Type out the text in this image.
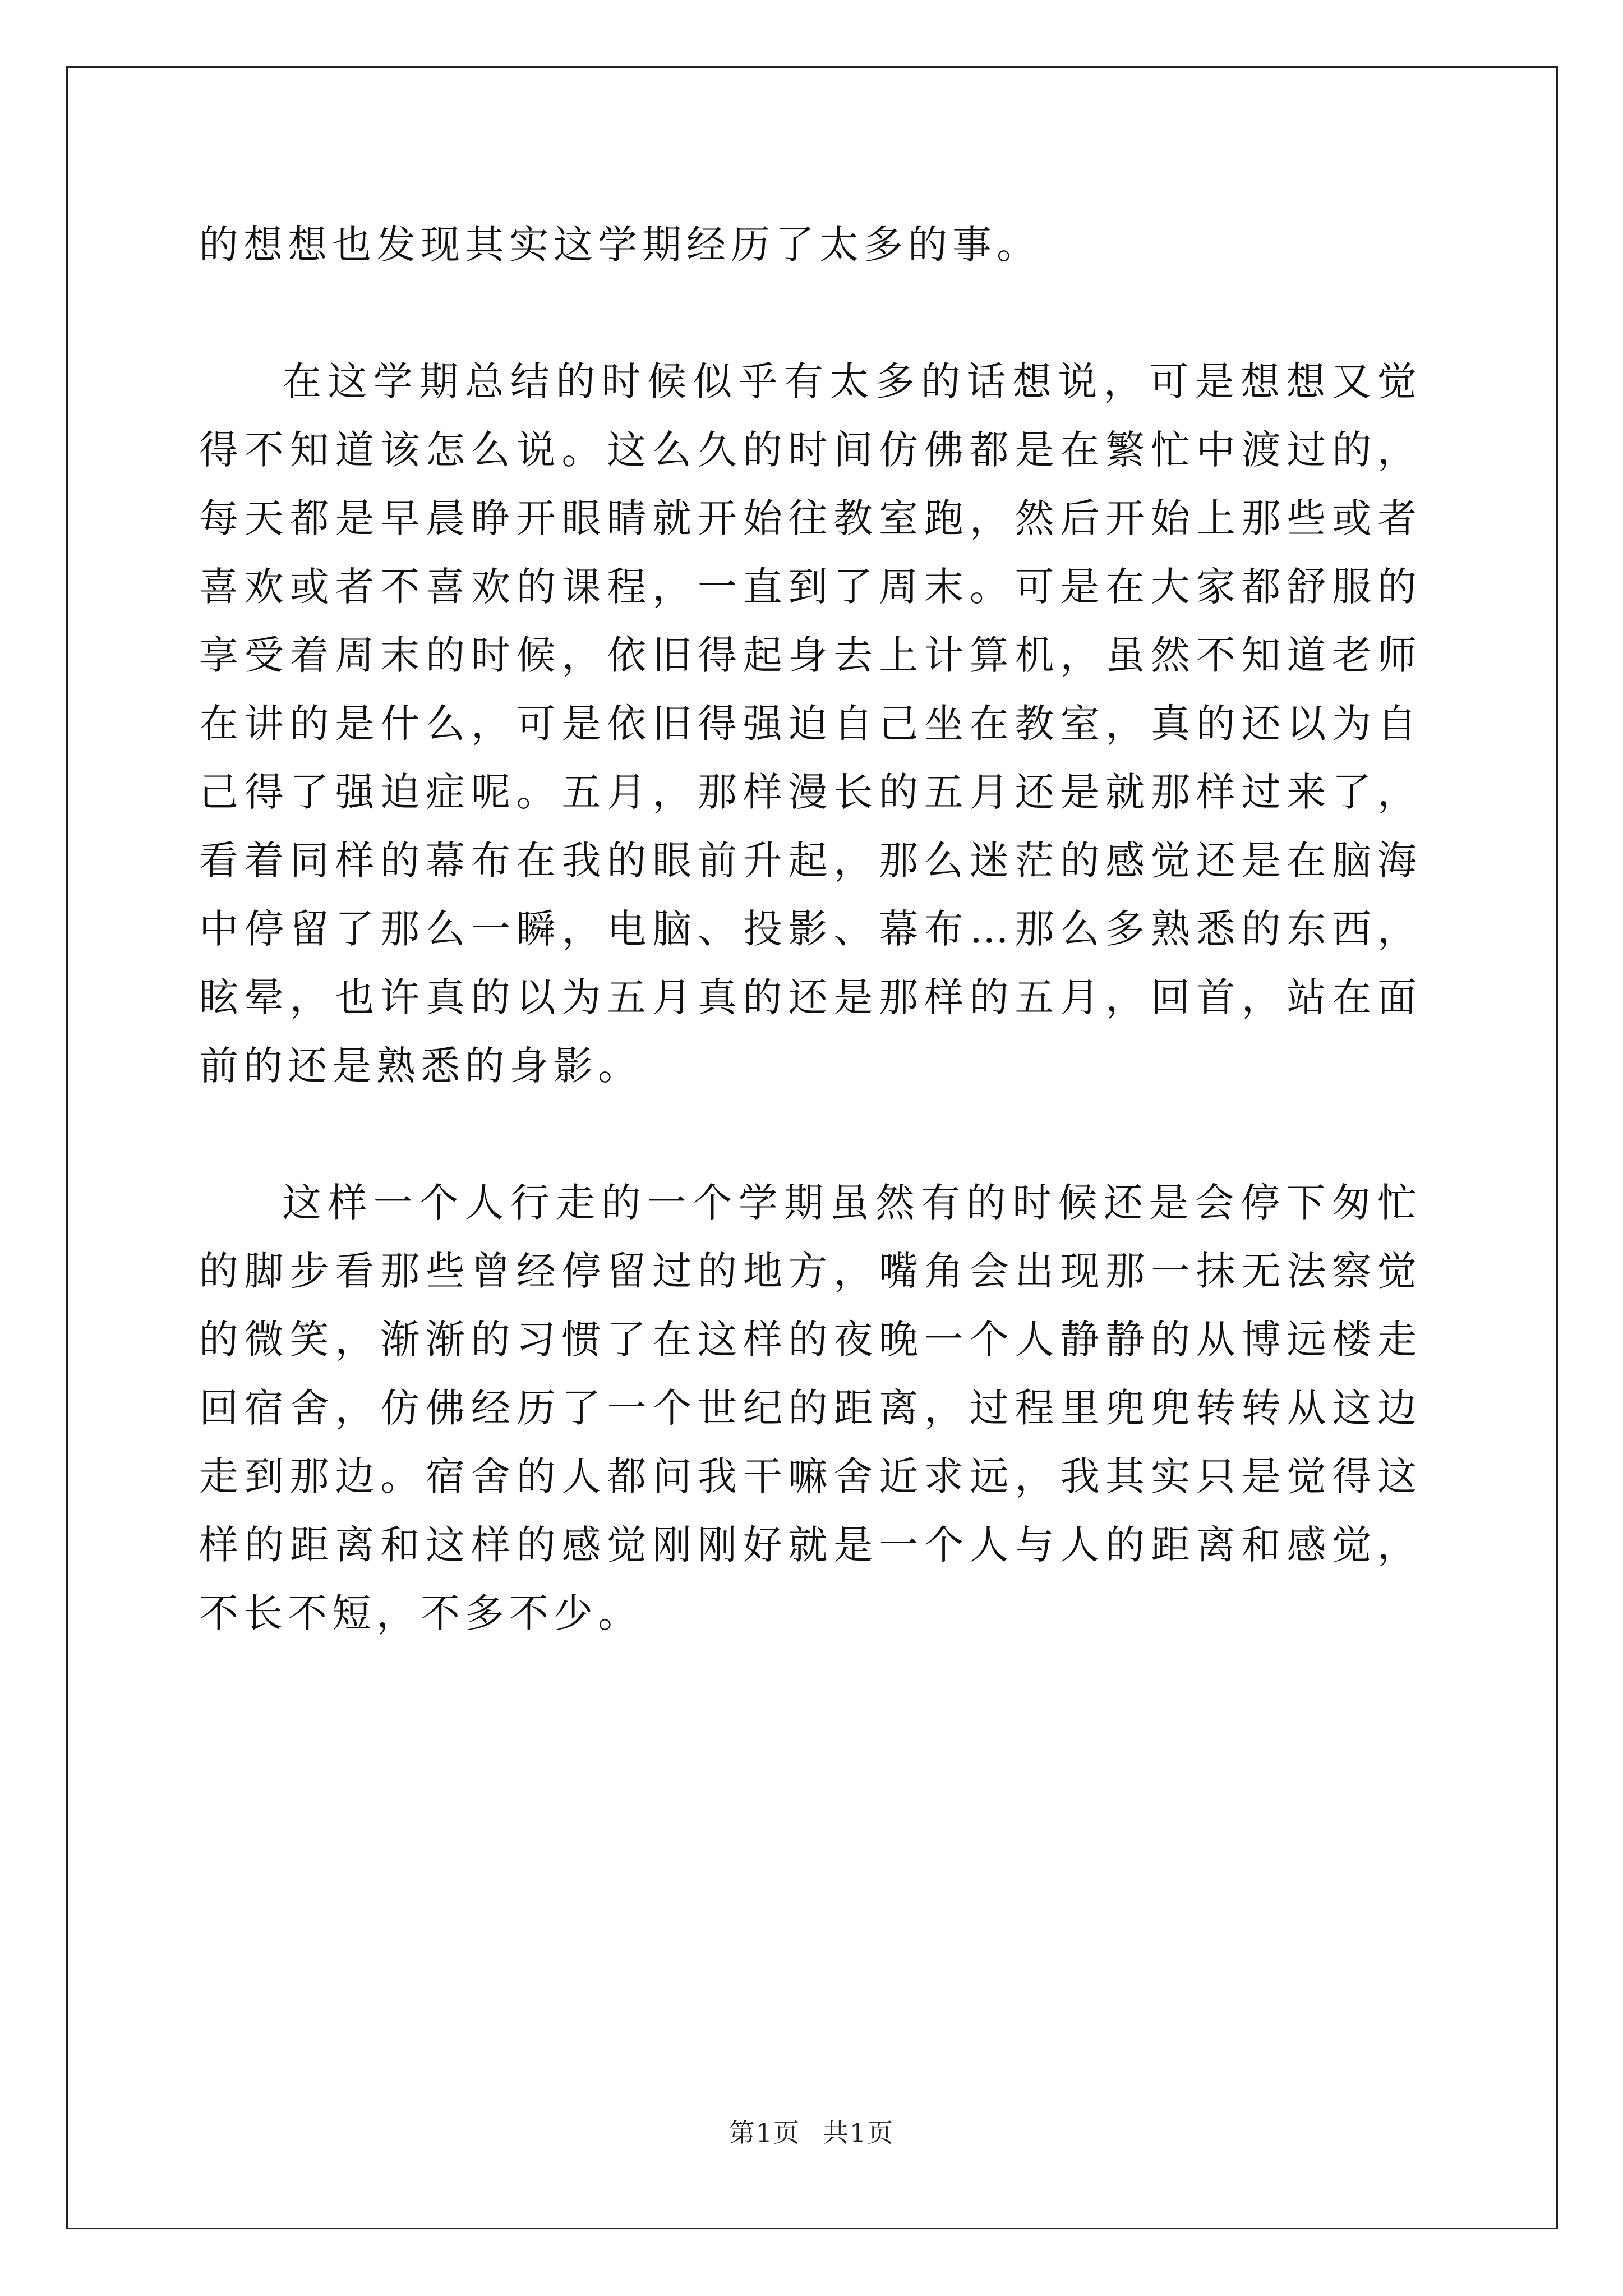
的想想也发现其实这学期经历了太多的事。

在这学期总结的时候似乎有太多的话想说，可是想想又觉得不知道该怎么说。这么久的时间仿佛都是在繁忙中渡过的，每天都是早晨睁开眼睛就开始往教室跑，然后开始上那些或者喜欢或者不喜欢的课程，一直到了周末。可是在大家都舒服的享受着周末的时候，依旧得起身去上计算机，虽然不知道老师在讲的是什么，可是依旧得强迫自己坐在教室，真的还以为自己得了强迫症呢。五月，那样漫长的五月还是就那样过来了，看着同样的幕布在我的眼前升起，那么迷茫的感觉还是在脑海中停留了那么一瞬，电脑、投影、幕布…那么多熟悉的东西，眩晕，也许真的以为五月真的还是那样的五月，回首，站在面前的还是熟悉的身影。

这样一个人行走的一个学期虽然有的时候还是会停下匆忙的脚步看那些曾经停留过的地方，嘴角会出现那一抹无法察觉的微笑，渐渐的习惯了在这样的夜晚一个人静静的从博远楼走回宿舍，仿佛经历了一个世纪的距离，过程里兜兜转转从这边走到那边。宿舍的人都问我干嘛舍近求远，我其实只是觉得这样的距离和这样的感觉刚刚好就是一个人与人的距离和感觉，不长不短，不多不少。

第1页 共1页
